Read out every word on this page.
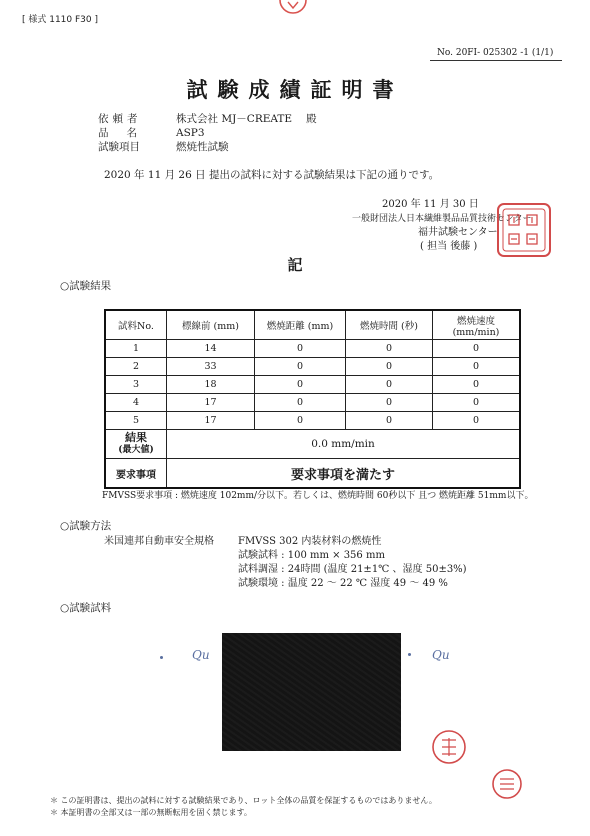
[ 様式 1110 F30 ]
No. 20FI- 025302 -1 (1/1)
試験成績証明書
依頼者	株式会社 MJ－CREATE 殿
品名 ASP3
試験項目	燃焼性試験
2020 年 11 月 26 日 提出の試料に対する試験結果は下記の通りです。
2020 年 11 月 30 日
一般財団法人日本繊維製品品質技術センター
福井試験センター
( 担当 後藤 )
記
○試験結果
試料No.	標線前 (mm)	燃焼距離 (mm)	燃焼時間 (秒)	燃焼速度 (mm/min)
1	14	0	0	0
2	33	0	0	0
3	18	0	0	0
4	17	0	0	0
5	17	0	0	0

結果
(最大値)	0.0 mm/min			
要求事項	要求事項を満たす			
FMVSS要求事項 : 燃焼速度 102mm/分以下。若しくは、燃焼時間 60秒以下 且つ 燃焼距離 51mm以下。
○試験方法
米国連邦自動車安全規格	FMVSS 302 内装材料の燃焼性
試験試料 : 100 mm × 356 mm
試料調湿 : 24時間 (温度 21±1℃ 、湿度 50±3%)
試験環境 : 温度 22 ～ 22 ℃ 湿度 49 ～ 49 %
○試験試料
Qu	Qu
＊ この証明書は、提出の試料に対する試験結果であり、ロット全体の品質を保証するものではありません。
＊ 本証明書の全部又は一部の無断転用を固く禁じます。
